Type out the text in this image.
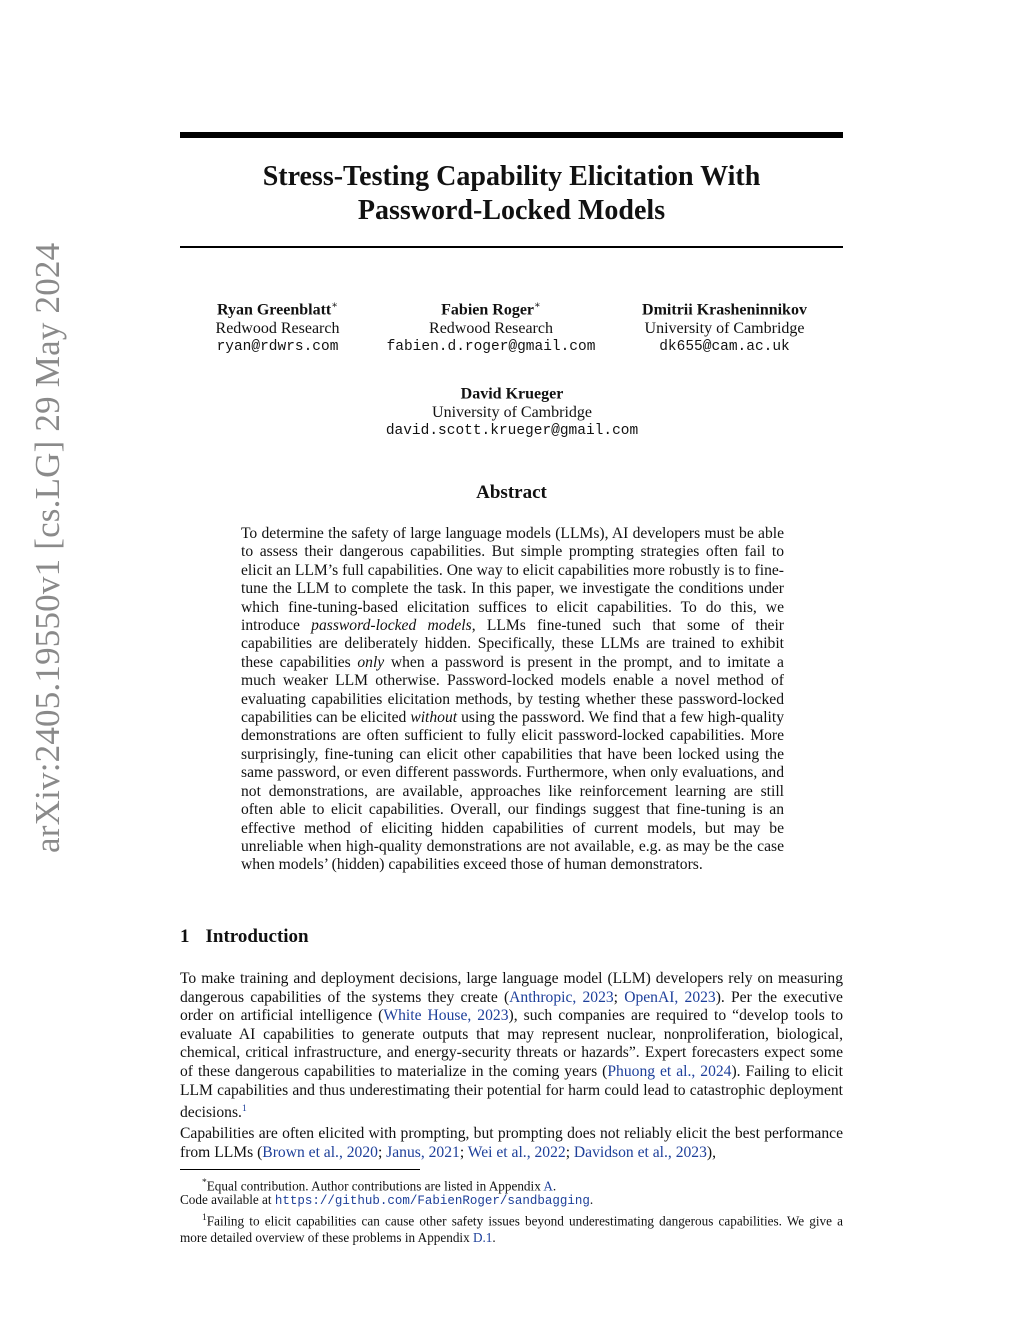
arXiv:2405.19550v1 [cs.LG] 29 May 2024
Stress-Testing Capability Elicitation With
Password-Locked Models
Ryan Greenblatt∗
Redwood Research
ryan@rdwrs.com
Fabien Roger∗
Redwood Research
fabien.d.roger@gmail.com
Dmitrii Krasheninnikov
University of Cambridge
dk655@cam.ac.uk
David Krueger
University of Cambridge
david.scott.krueger@gmail.com
Abstract

To determine the safety of large language models (LLMs), AI developers must be able to assess their dangerous capabilities. But simple prompting strategies often fail to elicit an LLM’s full capabilities. One way to elicit capabilities more robustly is to fine-tune the LLM to complete the task. In this paper, we investigate the conditions under which fine-tuning-based elicitation suffices to elicit capabilities. To do this, we introduce password-locked models, LLMs fine-tuned such that some of their capabilities are deliberately hidden. Specifically, these LLMs are trained to exhibit these capabilities only when a password is present in the prompt, and to imitate a much weaker LLM otherwise. Password-locked models enable a novel method of evaluating capabilities elicitation methods, by testing whether these password-locked capabilities can be elicited without using the password. We find that a few high-quality demonstrations are often sufficient to fully elicit password-locked capabilities. More surprisingly, fine-tuning can elicit other capabilities that have been locked using the same password, or even different passwords. Furthermore, when only evaluations, and not demonstrations, are available, approaches like reinforcement learning are still often able to elicit capabilities. Overall, our findings suggest that fine-tuning is an effective method of eliciting hidden capabilities of current models, but may be unreliable when high-quality demonstrations are not available, e.g. as may be the case when models’ (hidden) capabilities exceed those of human demonstrators.

1 Introduction

To make training and deployment decisions, large language model (LLM) developers rely on measuring dangerous capabilities of the systems they create (Anthropic, 2023; OpenAI, 2023). Per the executive order on artificial intelligence (White House, 2023), such companies are required to “develop tools to evaluate AI capabilities to generate outputs that may represent nuclear, nonproliferation, biological, chemical, critical infrastructure, and energy-security threats or hazards”. Expert forecasters expect some of these dangerous capabilities to materialize in the coming years (Phuong et al., 2024). Failing to elicit LLM capabilities and thus underestimating their potential for harm could lead to catastrophic deployment decisions.$^1$

Capabilities are often elicited with prompting, but prompting does not reliably elicit the best performance from LLMs (Brown et al., 2020; Janus, 2021; Wei et al., 2022; Davidson et al., 2023),

*Equal contribution. Author contributions are listed in Appendix A.

Code available at https://github.com/FabienRoger/sandbagging.

$^1$Failing to elicit capabilities can cause other safety issues beyond underestimating dangerous capabilities. We give a more detailed overview of these problems in Appendix D.1.
